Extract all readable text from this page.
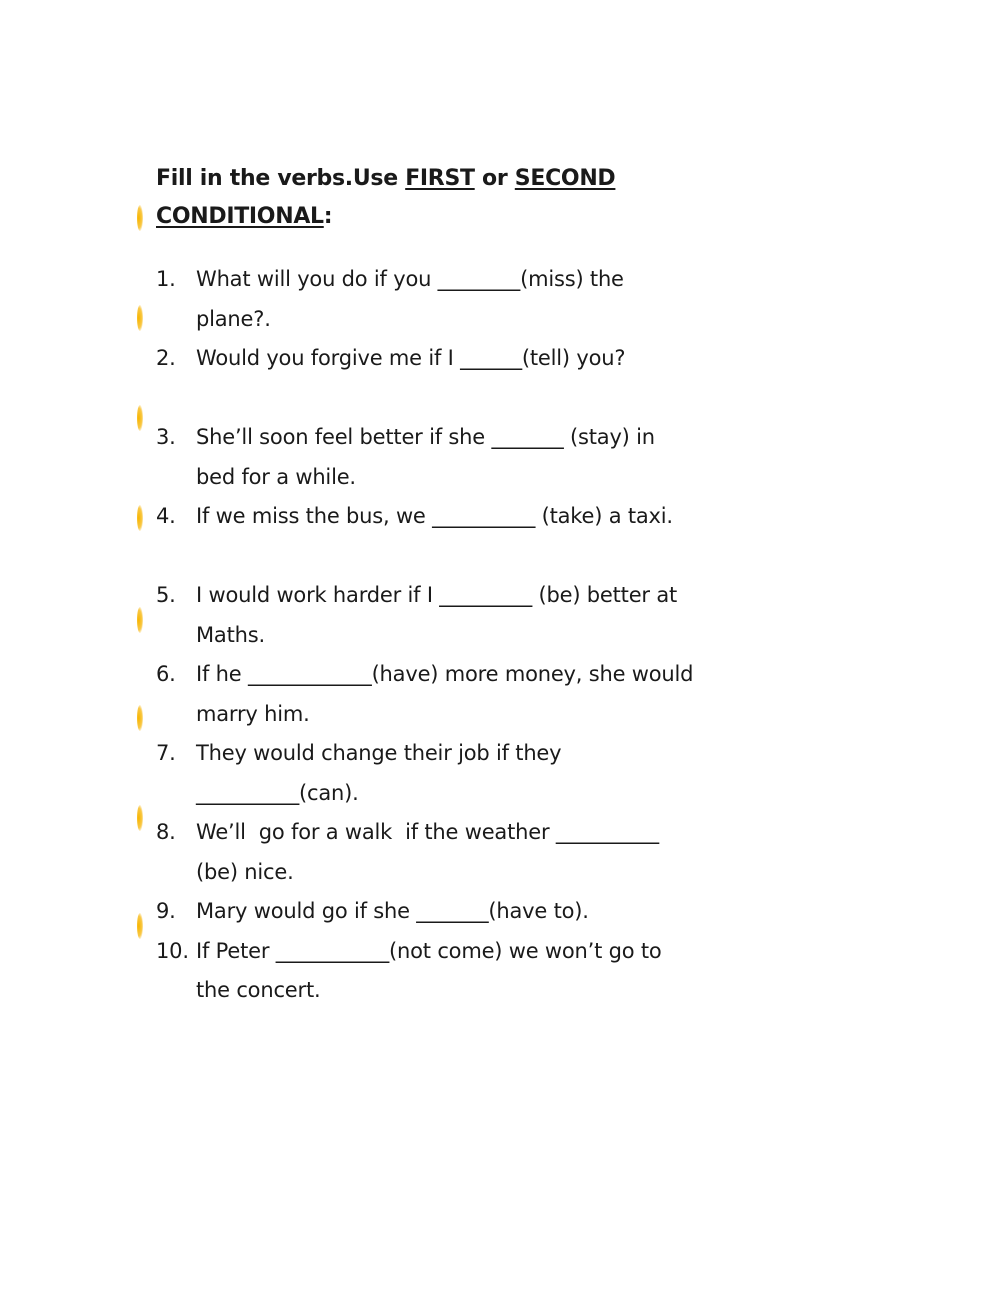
Fill in the verbs.Use FIRST or SECOND
CONDITIONAL:
1. What will you do if you ________(miss) the plane?.
2. Would you forgive me if I ______(tell) you?
3. She’ll soon feel better if she _______ (stay) in bed for a while.
4. If we miss the bus, we __________ (take) a taxi.
5. I would work harder if I _________ (be) better at Maths.
6. If he ____________(have) more money, she would marry him.
7. They would change their job if they __________(can).
8. We’ll  go for a walk  if the weather __________ (be) nice.
9. Mary would go if she _______(have to).
10. If Peter ___________(not come) we won’t go to the concert.
